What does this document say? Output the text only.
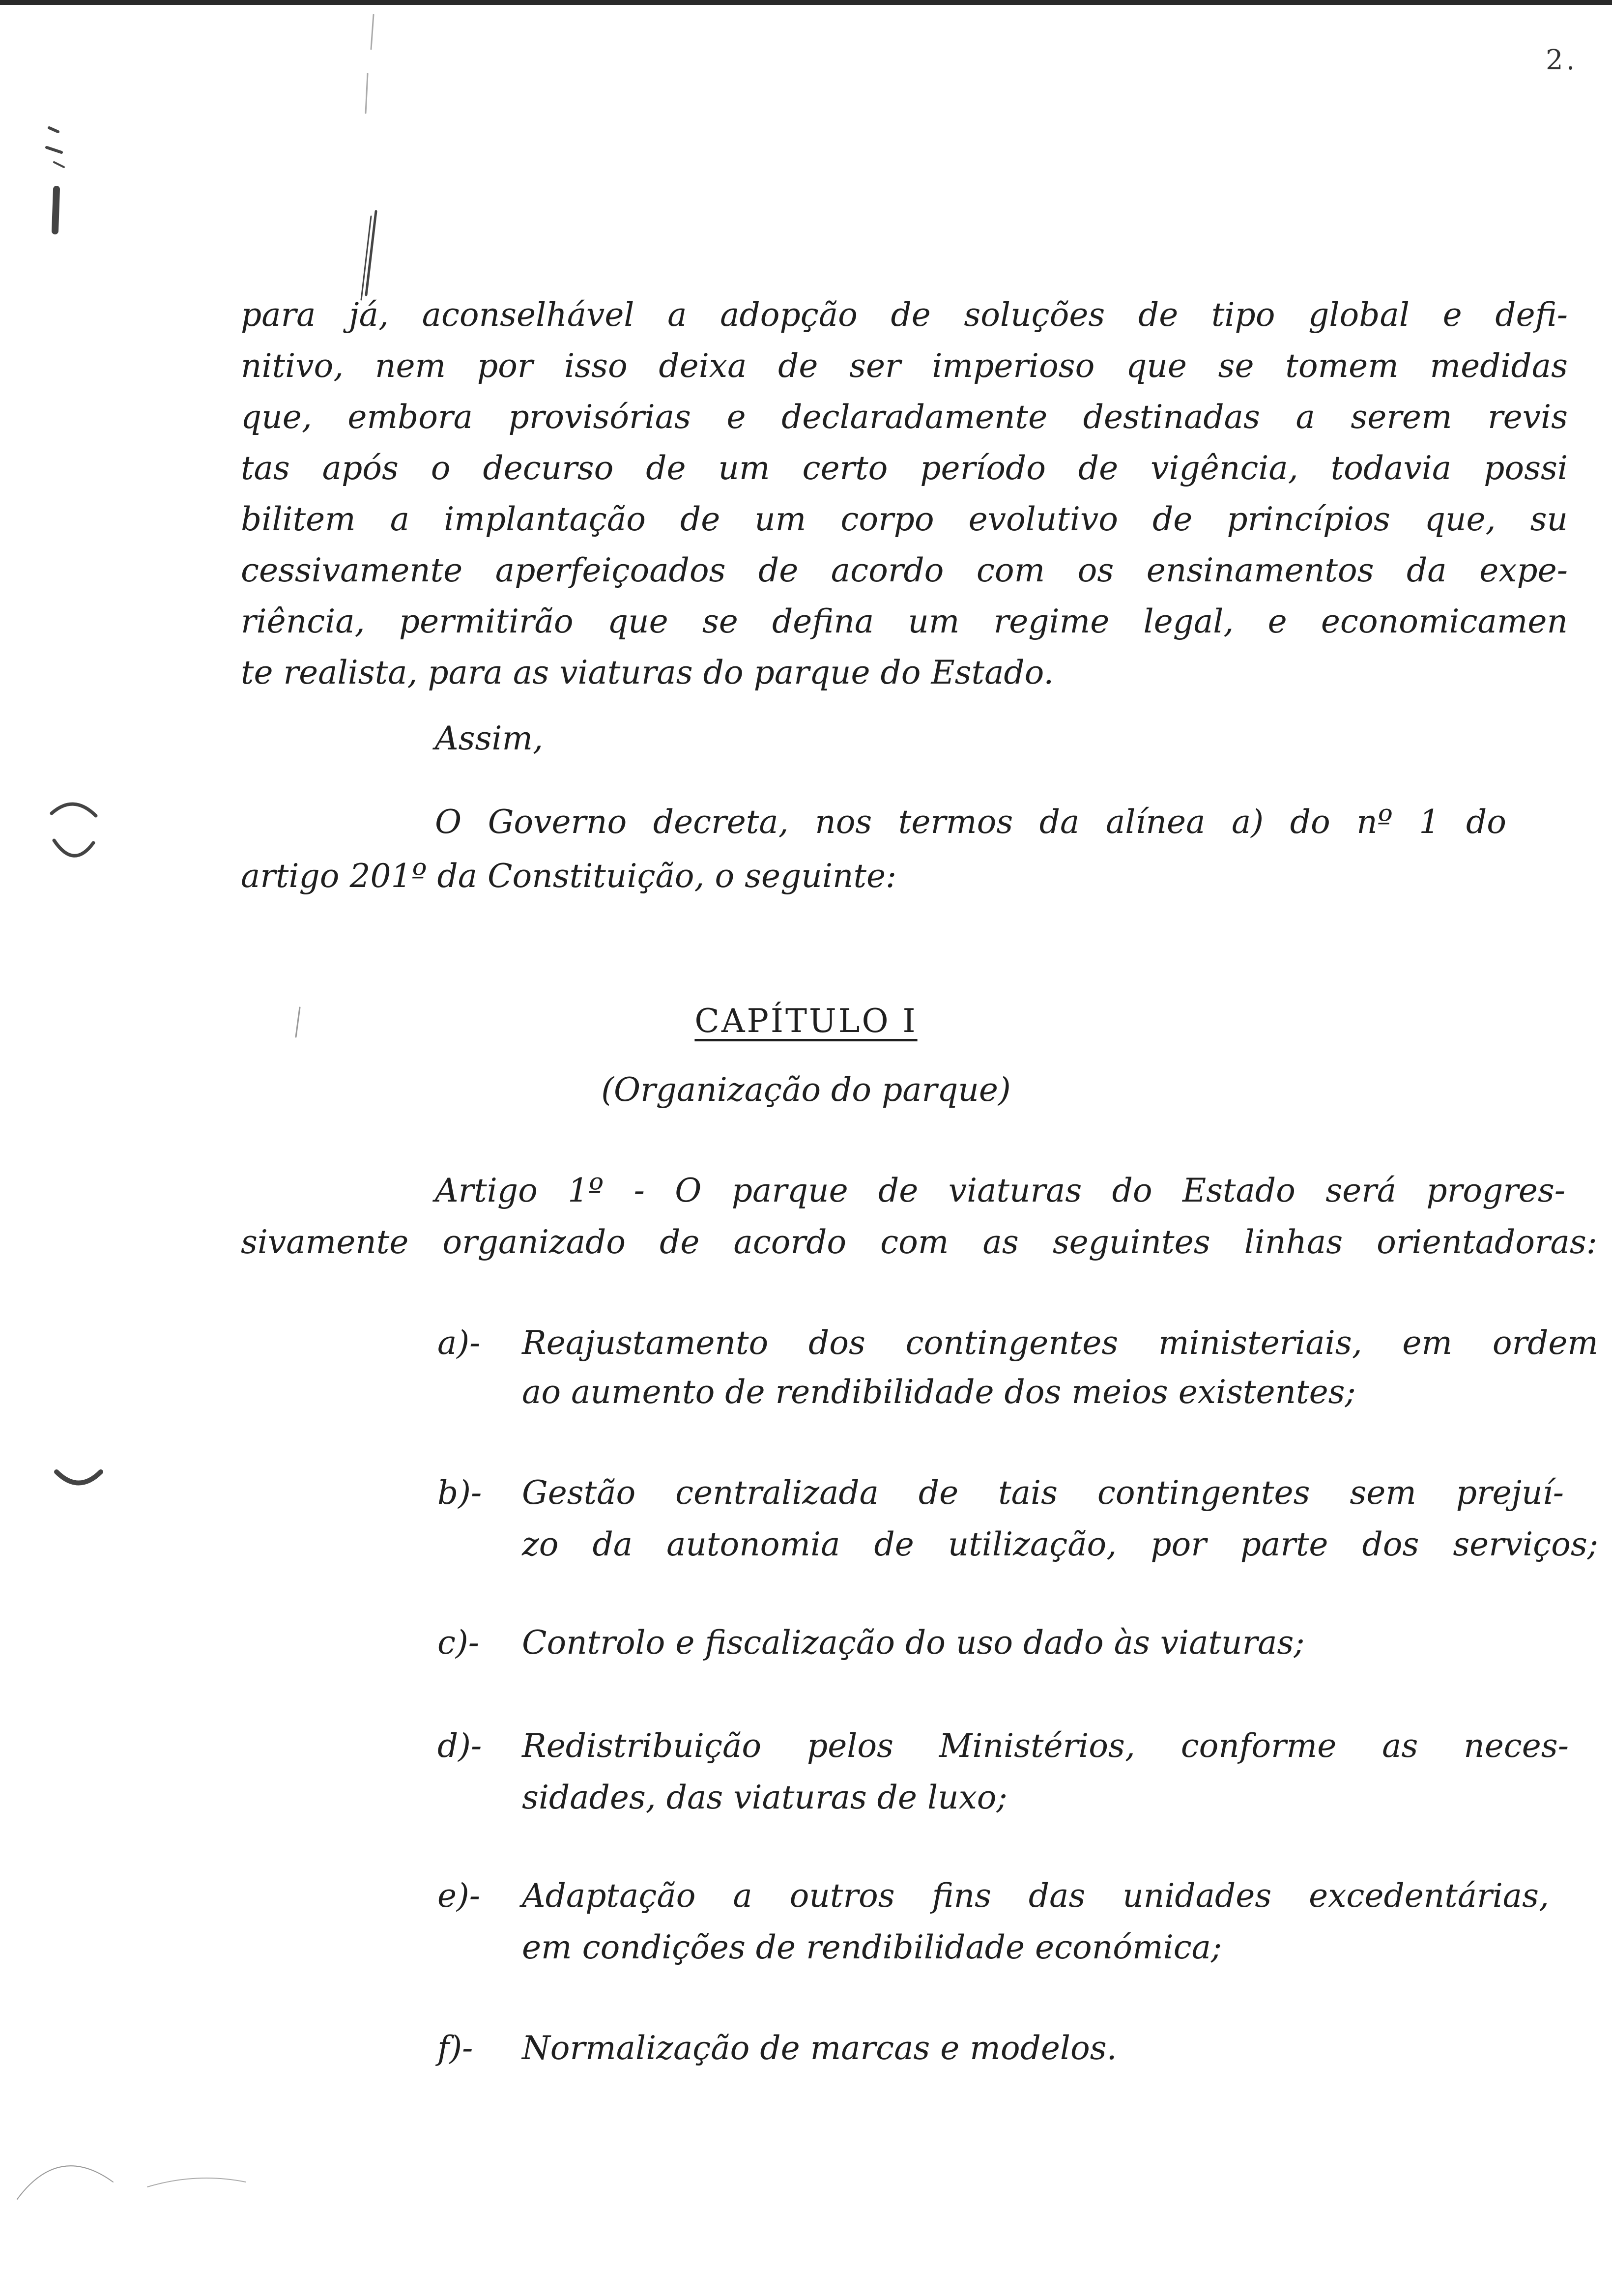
2.
para já, aconselhável a adopção de soluções de tipo global e defi-
nitivo, nem por isso deixa de ser imperioso que se tomem medidas
que, embora provisórias e declaradamente destinadas a serem revis
tas após o decurso de um certo período de vigência, todavia possi
bilitem a implantação de um corpo evolutivo de princípios que, su
cessivamente aperfeiçoados de acordo com os ensinamentos da expe-
riência, permitirão que se defina um regime legal, e economicamen
te realista, para as viaturas do parque do Estado.
Assim,
O Governo decreta, nos termos da alínea a) do nº 1 do
artigo 201º da Constituição, o seguinte:
CAPÍTULO I
(Organização do parque)
Artigo 1º - O parque de viaturas do Estado será progres-
sivamente organizado de acordo com as seguintes linhas orientadoras:
a)- Reajustamento dos contingentes ministeriais, em ordem
ao aumento de rendibilidade dos meios existentes;
b)- Gestão centralizada de tais contingentes sem prejuí-
zo da autonomia de utilização, por parte dos serviços;
c)- Controlo e fiscalização do uso dado às viaturas;
d)- Redistribuição pelos Ministérios, conforme as neces-
sidades, das viaturas de luxo;
e)- Adaptação a outros fins das unidades excedentárias,
em condições de rendibilidade económica;
f)- Normalização de marcas e modelos.
